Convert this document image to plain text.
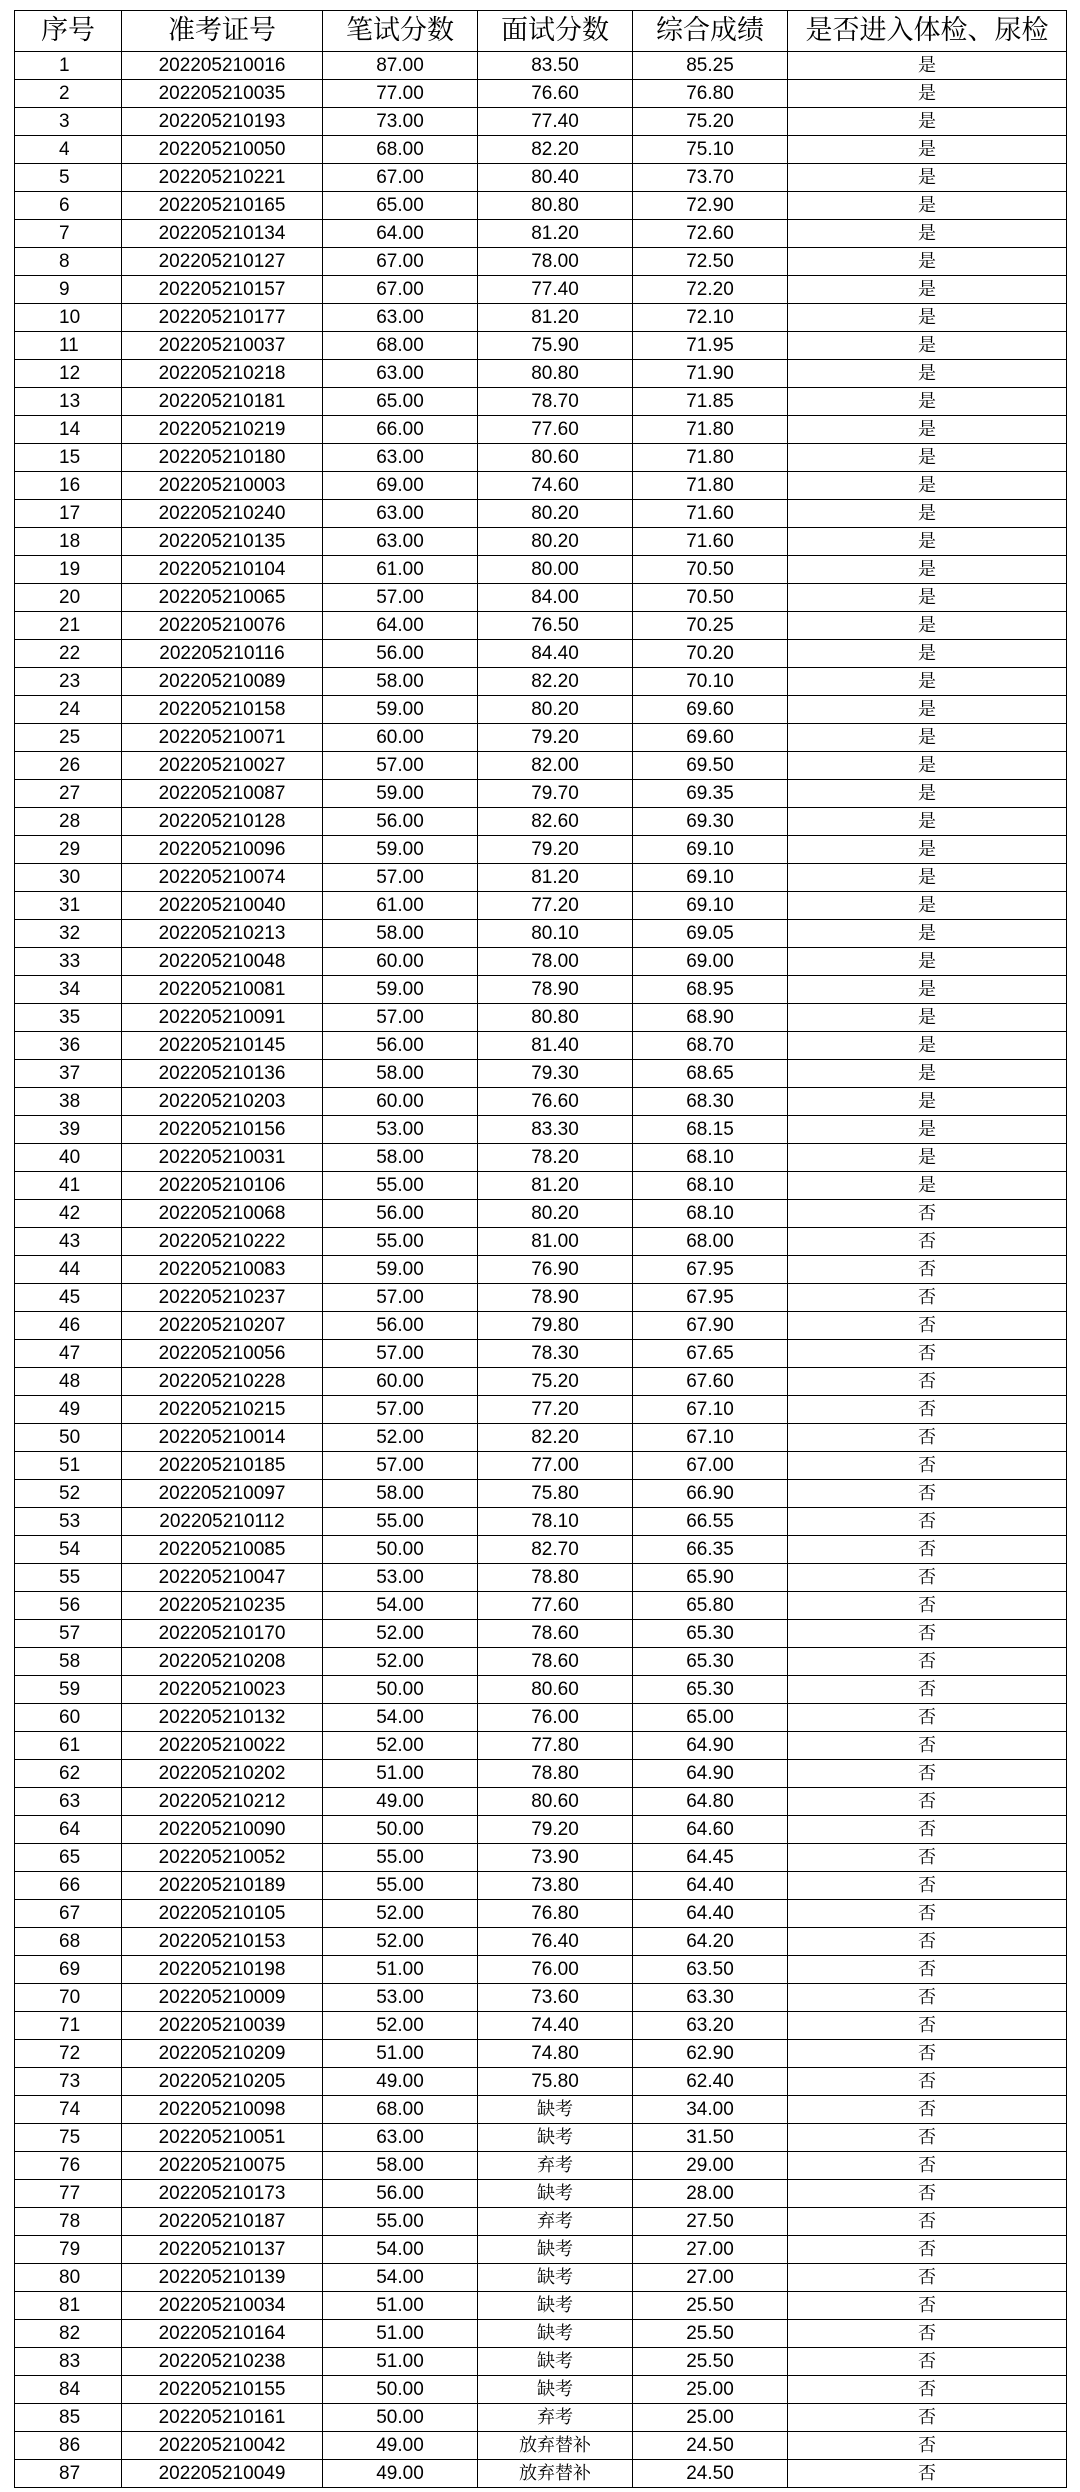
序号	准考证号	笔试分数	面试分数	综合成绩	是否进入体检、尿检
1	202205210016	87.00	83.50	85.25	是
2	202205210035	77.00	76.60	76.80	是
3	202205210193	73.00	77.40	75.20	是
4	202205210050	68.00	82.20	75.10	是
5	202205210221	67.00	80.40	73.70	是
6	202205210165	65.00	80.80	72.90	是
7	202205210134	64.00	81.20	72.60	是
8	202205210127	67.00	78.00	72.50	是
9	202205210157	67.00	77.40	72.20	是
10	202205210177	63.00	81.20	72.10	是
11	202205210037	68.00	75.90	71.95	是
12	202205210218	63.00	80.80	71.90	是
13	202205210181	65.00	78.70	71.85	是
14	202205210219	66.00	77.60	71.80	是
15	202205210180	63.00	80.60	71.80	是
16	202205210003	69.00	74.60	71.80	是
17	202205210240	63.00	80.20	71.60	是
18	202205210135	63.00	80.20	71.60	是
19	202205210104	61.00	80.00	70.50	是
20	202205210065	57.00	84.00	70.50	是
21	202205210076	64.00	76.50	70.25	是
22	202205210116	56.00	84.40	70.20	是
23	202205210089	58.00	82.20	70.10	是
24	202205210158	59.00	80.20	69.60	是
25	202205210071	60.00	79.20	69.60	是
26	202205210027	57.00	82.00	69.50	是
27	202205210087	59.00	79.70	69.35	是
28	202205210128	56.00	82.60	69.30	是
29	202205210096	59.00	79.20	69.10	是
30	202205210074	57.00	81.20	69.10	是
31	202205210040	61.00	77.20	69.10	是
32	202205210213	58.00	80.10	69.05	是
33	202205210048	60.00	78.00	69.00	是
34	202205210081	59.00	78.90	68.95	是
35	202205210091	57.00	80.80	68.90	是
36	202205210145	56.00	81.40	68.70	是
37	202205210136	58.00	79.30	68.65	是
38	202205210203	60.00	76.60	68.30	是
39	202205210156	53.00	83.30	68.15	是
40	202205210031	58.00	78.20	68.10	是
41	202205210106	55.00	81.20	68.10	是
42	202205210068	56.00	80.20	68.10	否
43	202205210222	55.00	81.00	68.00	否
44	202205210083	59.00	76.90	67.95	否
45	202205210237	57.00	78.90	67.95	否
46	202205210207	56.00	79.80	67.90	否
47	202205210056	57.00	78.30	67.65	否
48	202205210228	60.00	75.20	67.60	否
49	202205210215	57.00	77.20	67.10	否
50	202205210014	52.00	82.20	67.10	否
51	202205210185	57.00	77.00	67.00	否
52	202205210097	58.00	75.80	66.90	否
53	202205210112	55.00	78.10	66.55	否
54	202205210085	50.00	82.70	66.35	否
55	202205210047	53.00	78.80	65.90	否
56	202205210235	54.00	77.60	65.80	否
57	202205210170	52.00	78.60	65.30	否
58	202205210208	52.00	78.60	65.30	否
59	202205210023	50.00	80.60	65.30	否
60	202205210132	54.00	76.00	65.00	否
61	202205210022	52.00	77.80	64.90	否
62	202205210202	51.00	78.80	64.90	否
63	202205210212	49.00	80.60	64.80	否
64	202205210090	50.00	79.20	64.60	否
65	202205210052	55.00	73.90	64.45	否
66	202205210189	55.00	73.80	64.40	否
67	202205210105	52.00	76.80	64.40	否
68	202205210153	52.00	76.40	64.20	否
69	202205210198	51.00	76.00	63.50	否
70	202205210009	53.00	73.60	63.30	否
71	202205210039	52.00	74.40	63.20	否
72	202205210209	51.00	74.80	62.90	否
73	202205210205	49.00	75.80	62.40	否
74	202205210098	68.00	缺考	34.00	否
75	202205210051	63.00	缺考	31.50	否
76	202205210075	58.00	弃考	29.00	否
77	202205210173	56.00	缺考	28.00	否
78	202205210187	55.00	弃考	27.50	否
79	202205210137	54.00	缺考	27.00	否
80	202205210139	54.00	缺考	27.00	否
81	202205210034	51.00	缺考	25.50	否
82	202205210164	51.00	缺考	25.50	否
83	202205210238	51.00	缺考	25.50	否
84	202205210155	50.00	缺考	25.00	否
85	202205210161	50.00	弃考	25.00	否
86	202205210042	49.00	放弃替补	24.50	否
87	202205210049	49.00	放弃替补	24.50	否
